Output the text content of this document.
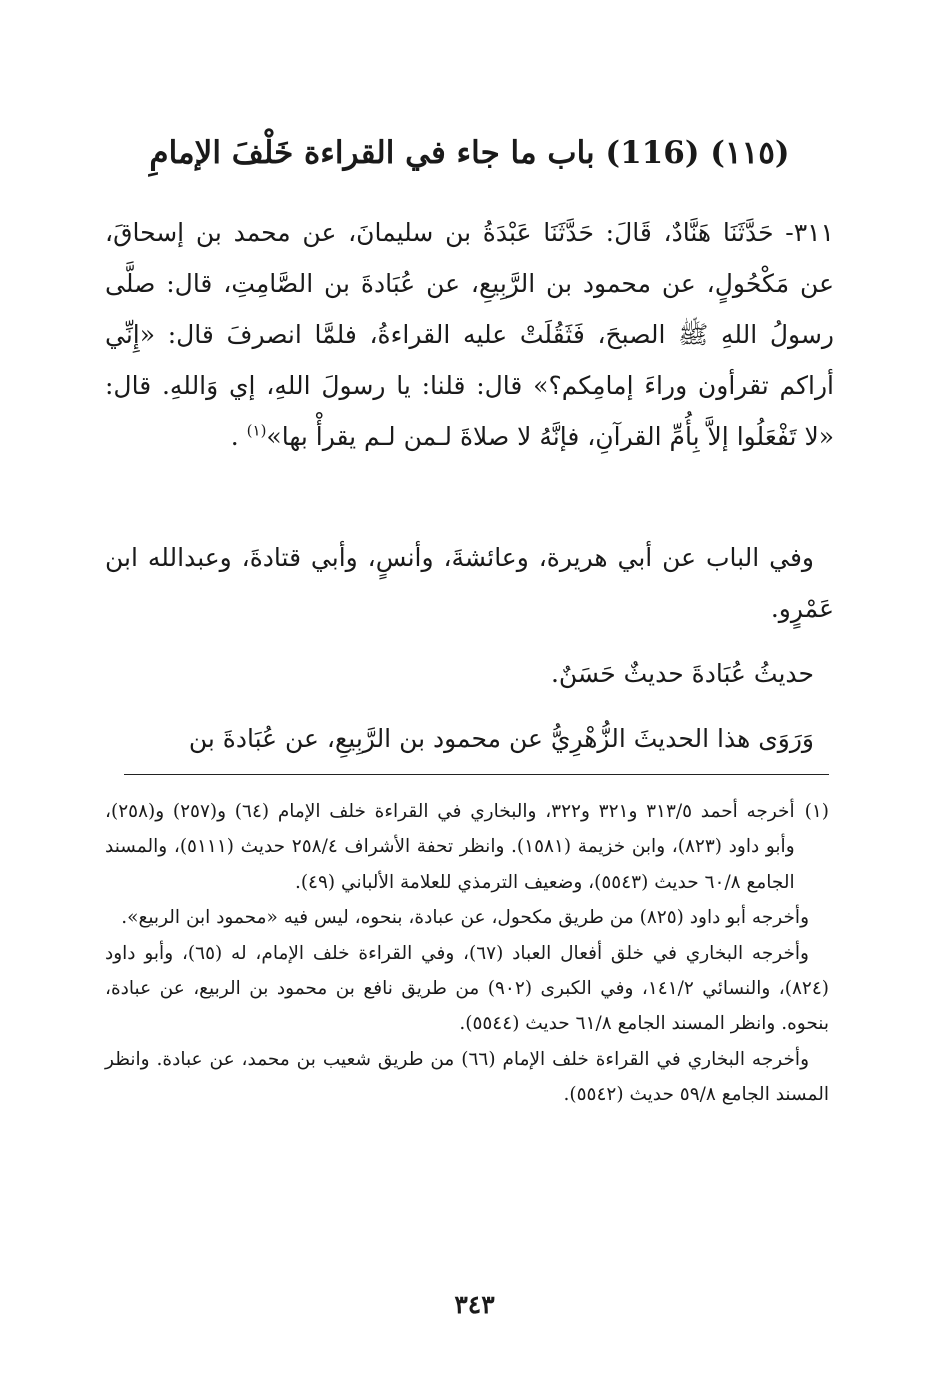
(١١٥) (116) باب ما جاء في القراءة خَلْفَ الإمامِ

٣١١- حَدَّثَنَا هَنَّادٌ، قَالَ: حَدَّثَنَا عَبْدَةُ بن سليمانَ، عن محمد بن إسحاقَ، عن مَكْحُولٍ، عن محمود بن الرَّبِيعِ، عن عُبَادةَ بن الصَّامِتِ، قال: صلَّى رسولُ اللهِ ﷺ الصبحَ، فَثَقُلَتْ عليه القراءةُ، فلمَّا انصرفَ قال: «إِنِّي أراكم تقرأون وراءَ إمامِكم؟» قال: قلنا: يا رسولَ اللهِ، إي وَاللهِ. قال: «لا تَفْعَلُوا إلاَّ بِأُمِّ القرآنِ، فإنَّهُ لا صلاةَ لـمن لـم يقرأْ بها»$^{(١)}$ .

وفي الباب عن أبي هريرة، وعائشةَ، وأنسٍ، وأبي قتادةَ، وعبدالله ابن عَمْرٍو.

حديثُ عُبَادةَ حديثٌ حَسَنٌ.

وَرَوَى هذا الحديثَ الزُّهْرِيُّ عن محمود بن الرَّبِيعِ، عن عُبَادةَ بن

(١)
أخرجه أحمد ٣١٣/٥ و٣٢١ و٣٢٢، والبخاري في القراءة خلف الإمام (٦٤) و(٢٥٧) و(٢٥٨)، وأبو داود (٨٢٣)، وابن خزيمة (١٥٨١). وانظر تحفة الأشراف ٢٥٨/٤ حديث (٥١١١)، والمسند الجامع ٦٠/٨ حديث (٥٥٤٣)، وضعيف الترمذي للعلامة الألباني (٤٩).

وأخرجه أبو داود (٨٢٥) من طريق مكحول، عن عبادة، بنحوه، ليس فيه «محمود ابن الربيع».

وأخرجه البخاري في خلق أفعال العباد (٦٧)، وفي القراءة خلف الإمام، له (٦٥)، وأبو داود (٨٢٤)، والنسائي ١٤١/٢، وفي الكبرى (٩٠٢) من طريق نافع بن محمود بن الربيع، عن عبادة، بنحوه. وانظر المسند الجامع ٦١/٨ حديث (٥٥٤٤).

وأخرجه البخاري في القراءة خلف الإمام (٦٦) من طريق شعيب بن محمد، عن عبادة. وانظر المسند الجامع ٥٩/٨ حديث (٥٥٤٢).

٣٤٣
